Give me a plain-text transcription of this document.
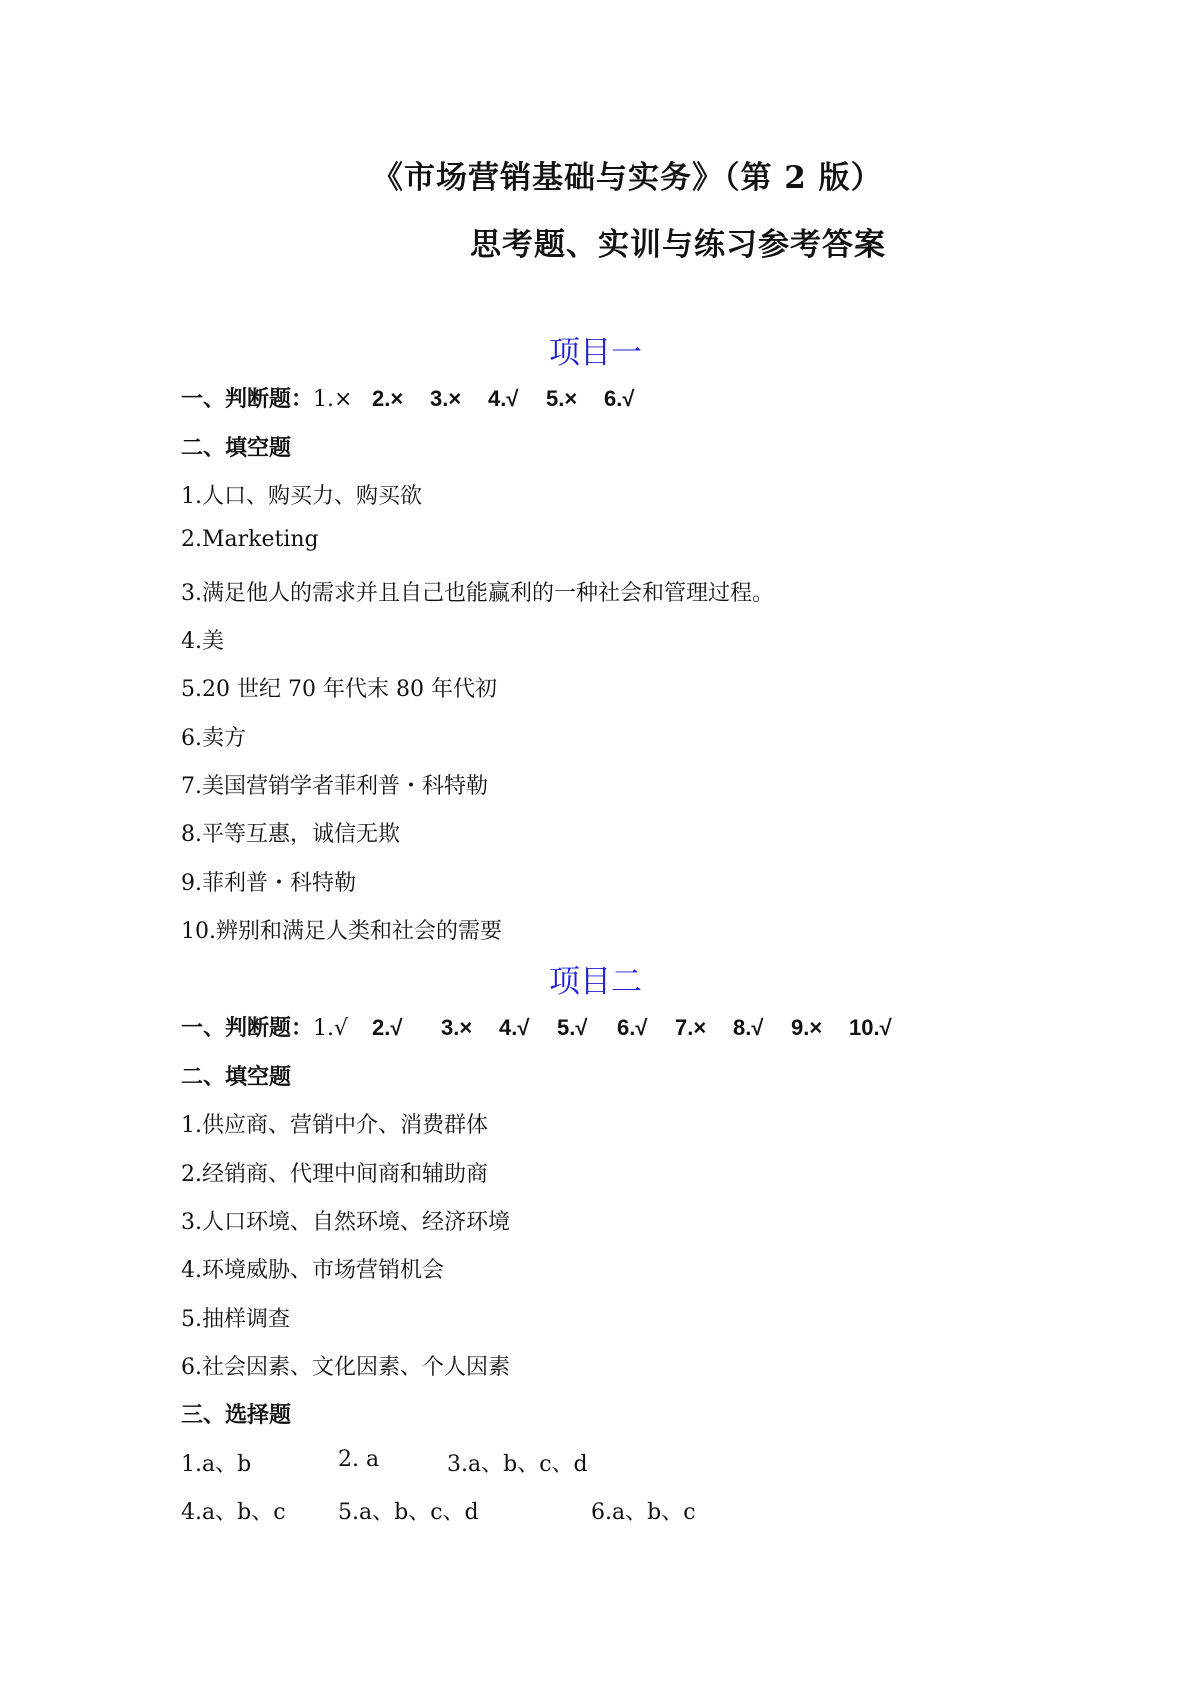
《市场营销基础与实务》（第 2 版）
思考题、实训与练习参考答案
项目一
一、判断题：1.× 2.× 3.× 4.√ 5.× 6.√
二、填空题
1.人口、购买力、购买欲
2.Marketing
3.满足他人的需求并且自己也能赢利的一种社会和管理过程。
4.美
5.20 世纪 70 年代末 80 年代初
6.卖方
7.美国营销学者菲利普・科特勒
8.平等互惠，诚信无欺
9.菲利普・科特勒
10.辨别和满足人类和社会的需要
项目二
一、判断题：1.√ 2.√ 3.× 4.√ 5.√ 6.√ 7.× 8.√ 9.× 10.√
二、填空题
1.供应商、营销中介、消费群体
2.经销商、代理中间商和辅助商
3.人口环境、自然环境、经济环境
4.环境威胁、市场营销机会
5.抽样调查
6.社会因素、文化因素、个人因素
三、选择题
1.a、b	2. a	3.a、b、c、d
4.a、b、c 5.a、b、c、d	6.a、b、c
